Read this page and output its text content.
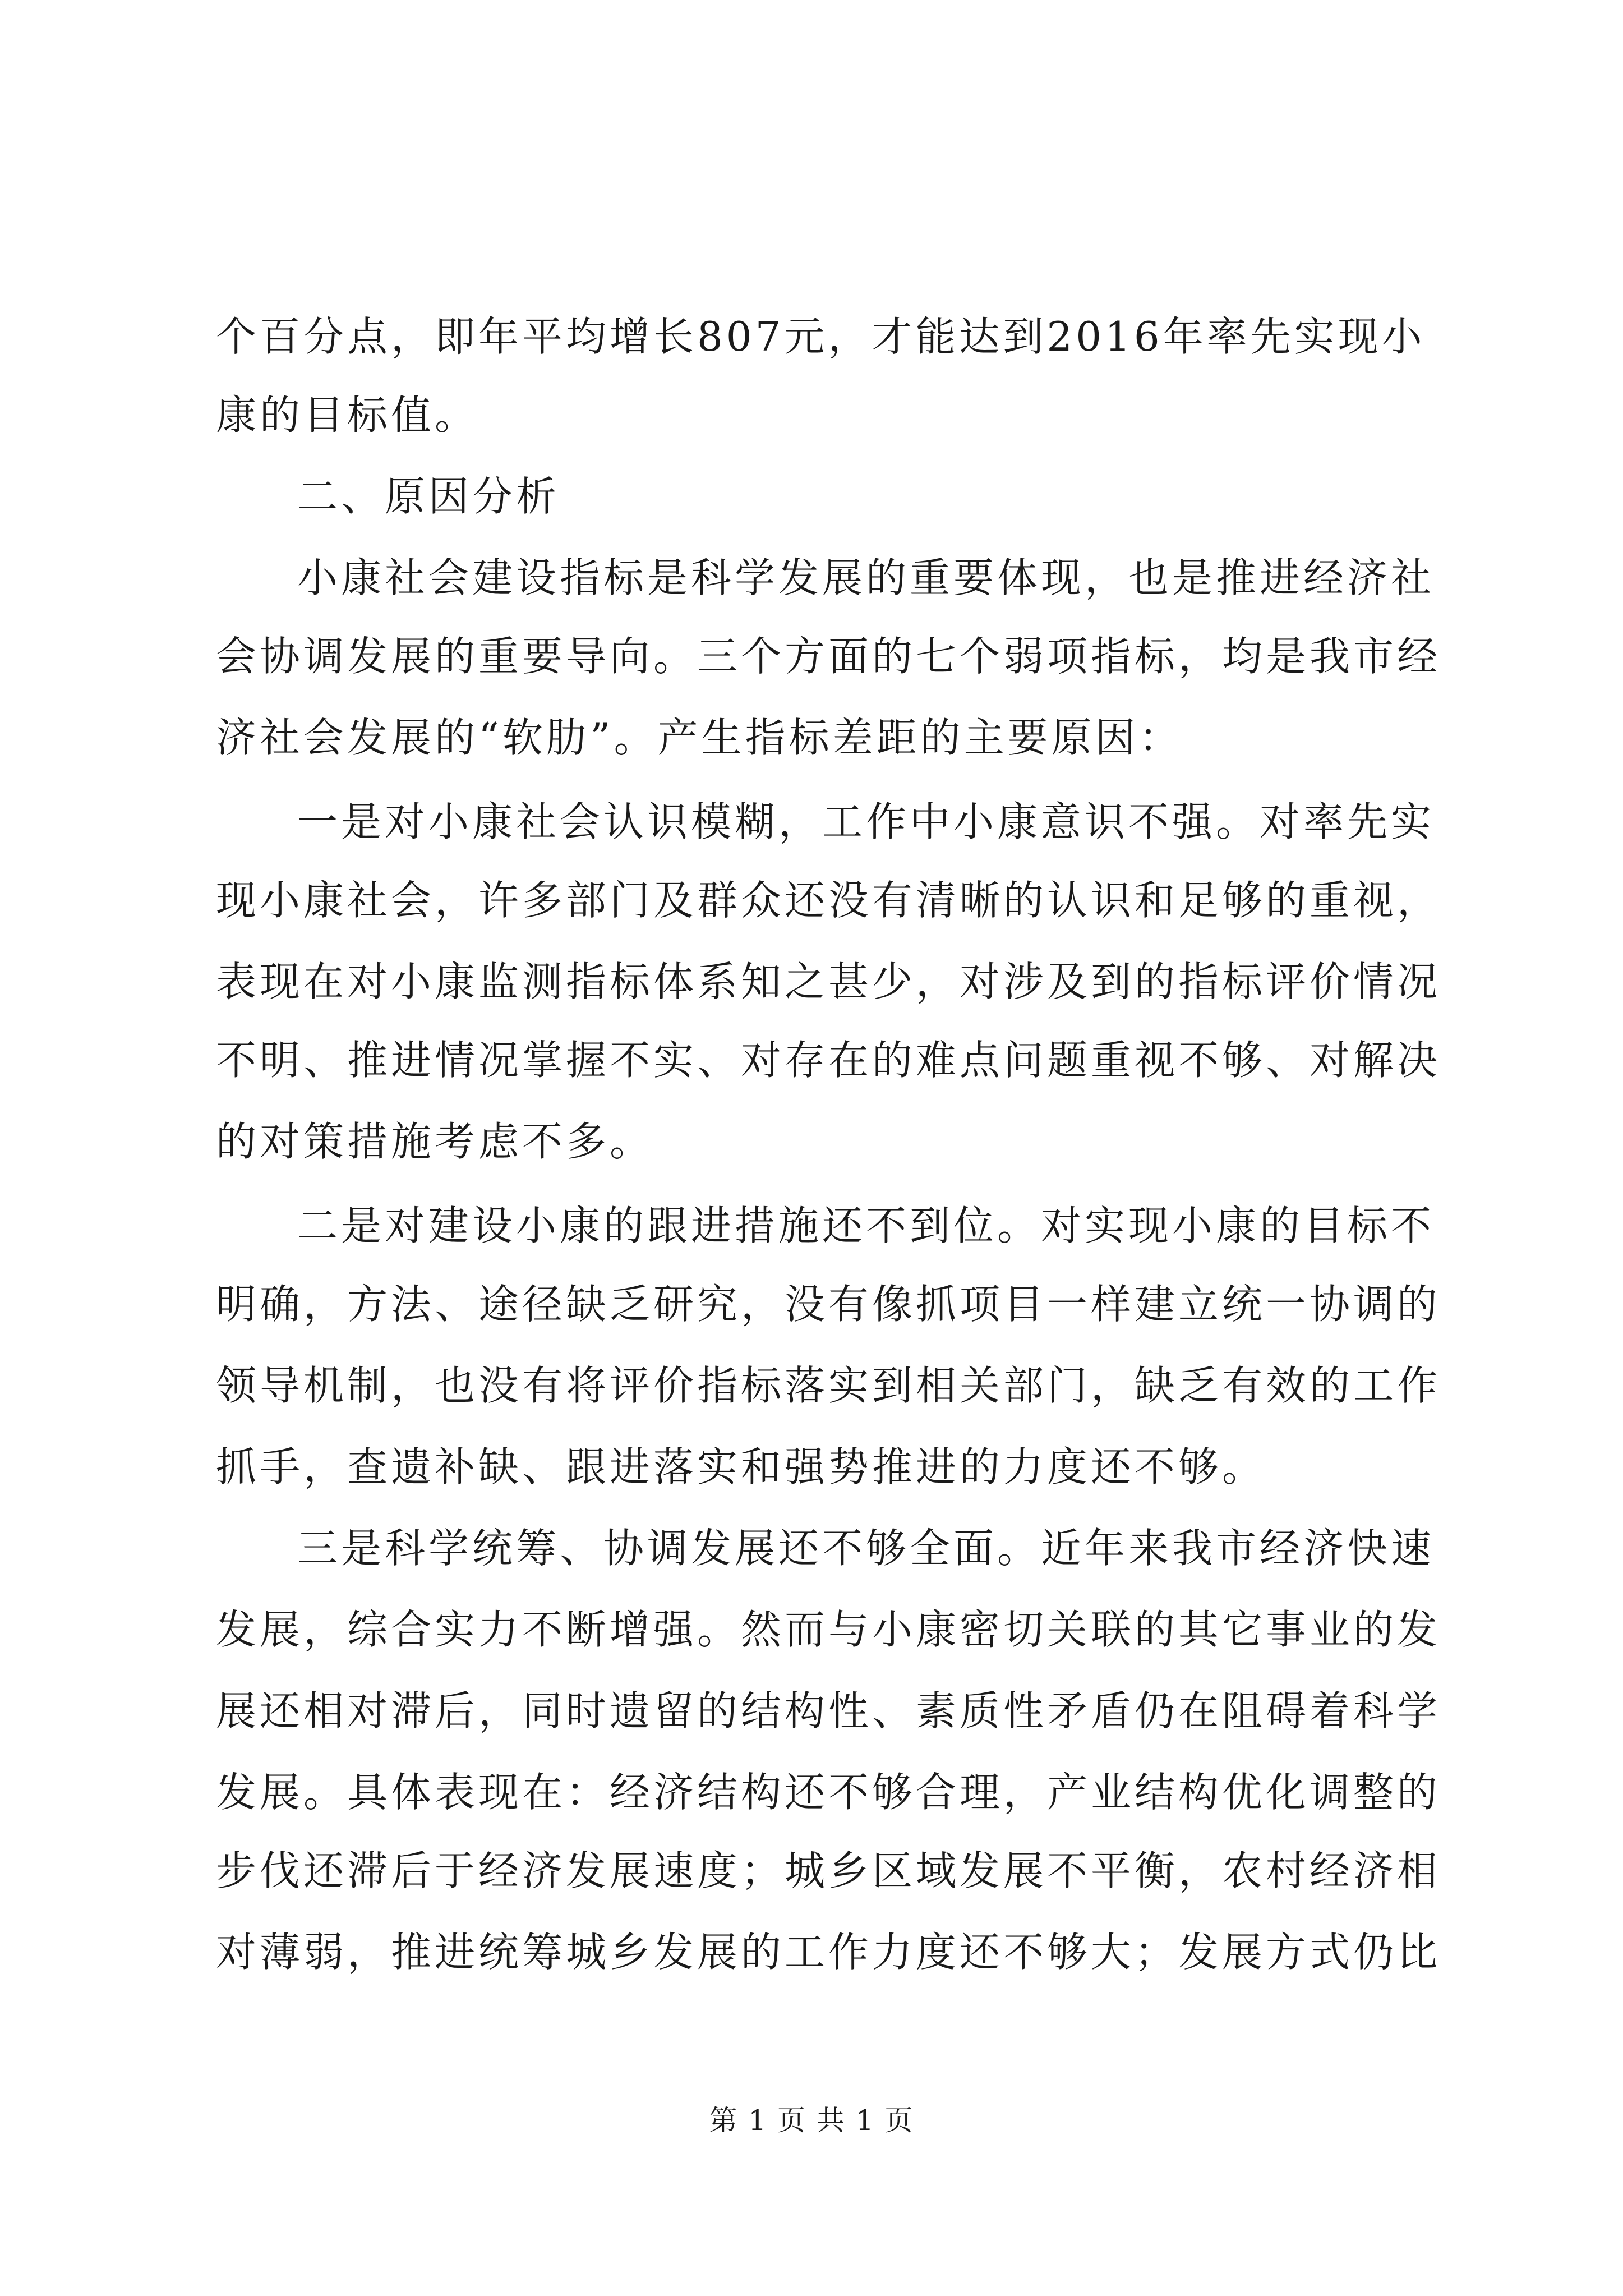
个百分点，即年平均增长807元，才能达到2016年率先实现小
康的目标值。
二、原因分析
小康社会建设指标是科学发展的重要体现，也是推进经济社
会协调发展的重要导向。三个方面的七个弱项指标，均是我市经
济社会发展的“软肋”。产生指标差距的主要原因：
一是对小康社会认识模糊，工作中小康意识不强。对率先实
现小康社会，许多部门及群众还没有清晰的认识和足够的重视，
表现在对小康监测指标体系知之甚少，对涉及到的指标评价情况
不明、推进情况掌握不实、对存在的难点问题重视不够、对解决
的对策措施考虑不多。
二是对建设小康的跟进措施还不到位。对实现小康的目标不
明确，方法、途径缺乏研究，没有像抓项目一样建立统一协调的
领导机制，也没有将评价指标落实到相关部门，缺乏有效的工作
抓手，查遗补缺、跟进落实和强势推进的力度还不够。
三是科学统筹、协调发展还不够全面。近年来我市经济快速
发展，综合实力不断增强。然而与小康密切关联的其它事业的发
展还相对滞后，同时遗留的结构性、素质性矛盾仍在阻碍着科学
发展。具体表现在：经济结构还不够合理，产业结构优化调整的
步伐还滞后于经济发展速度；城乡区域发展不平衡，农村经济相
对薄弱，推进统筹城乡发展的工作力度还不够大；发展方式仍比
第 1 页 共 1 页
